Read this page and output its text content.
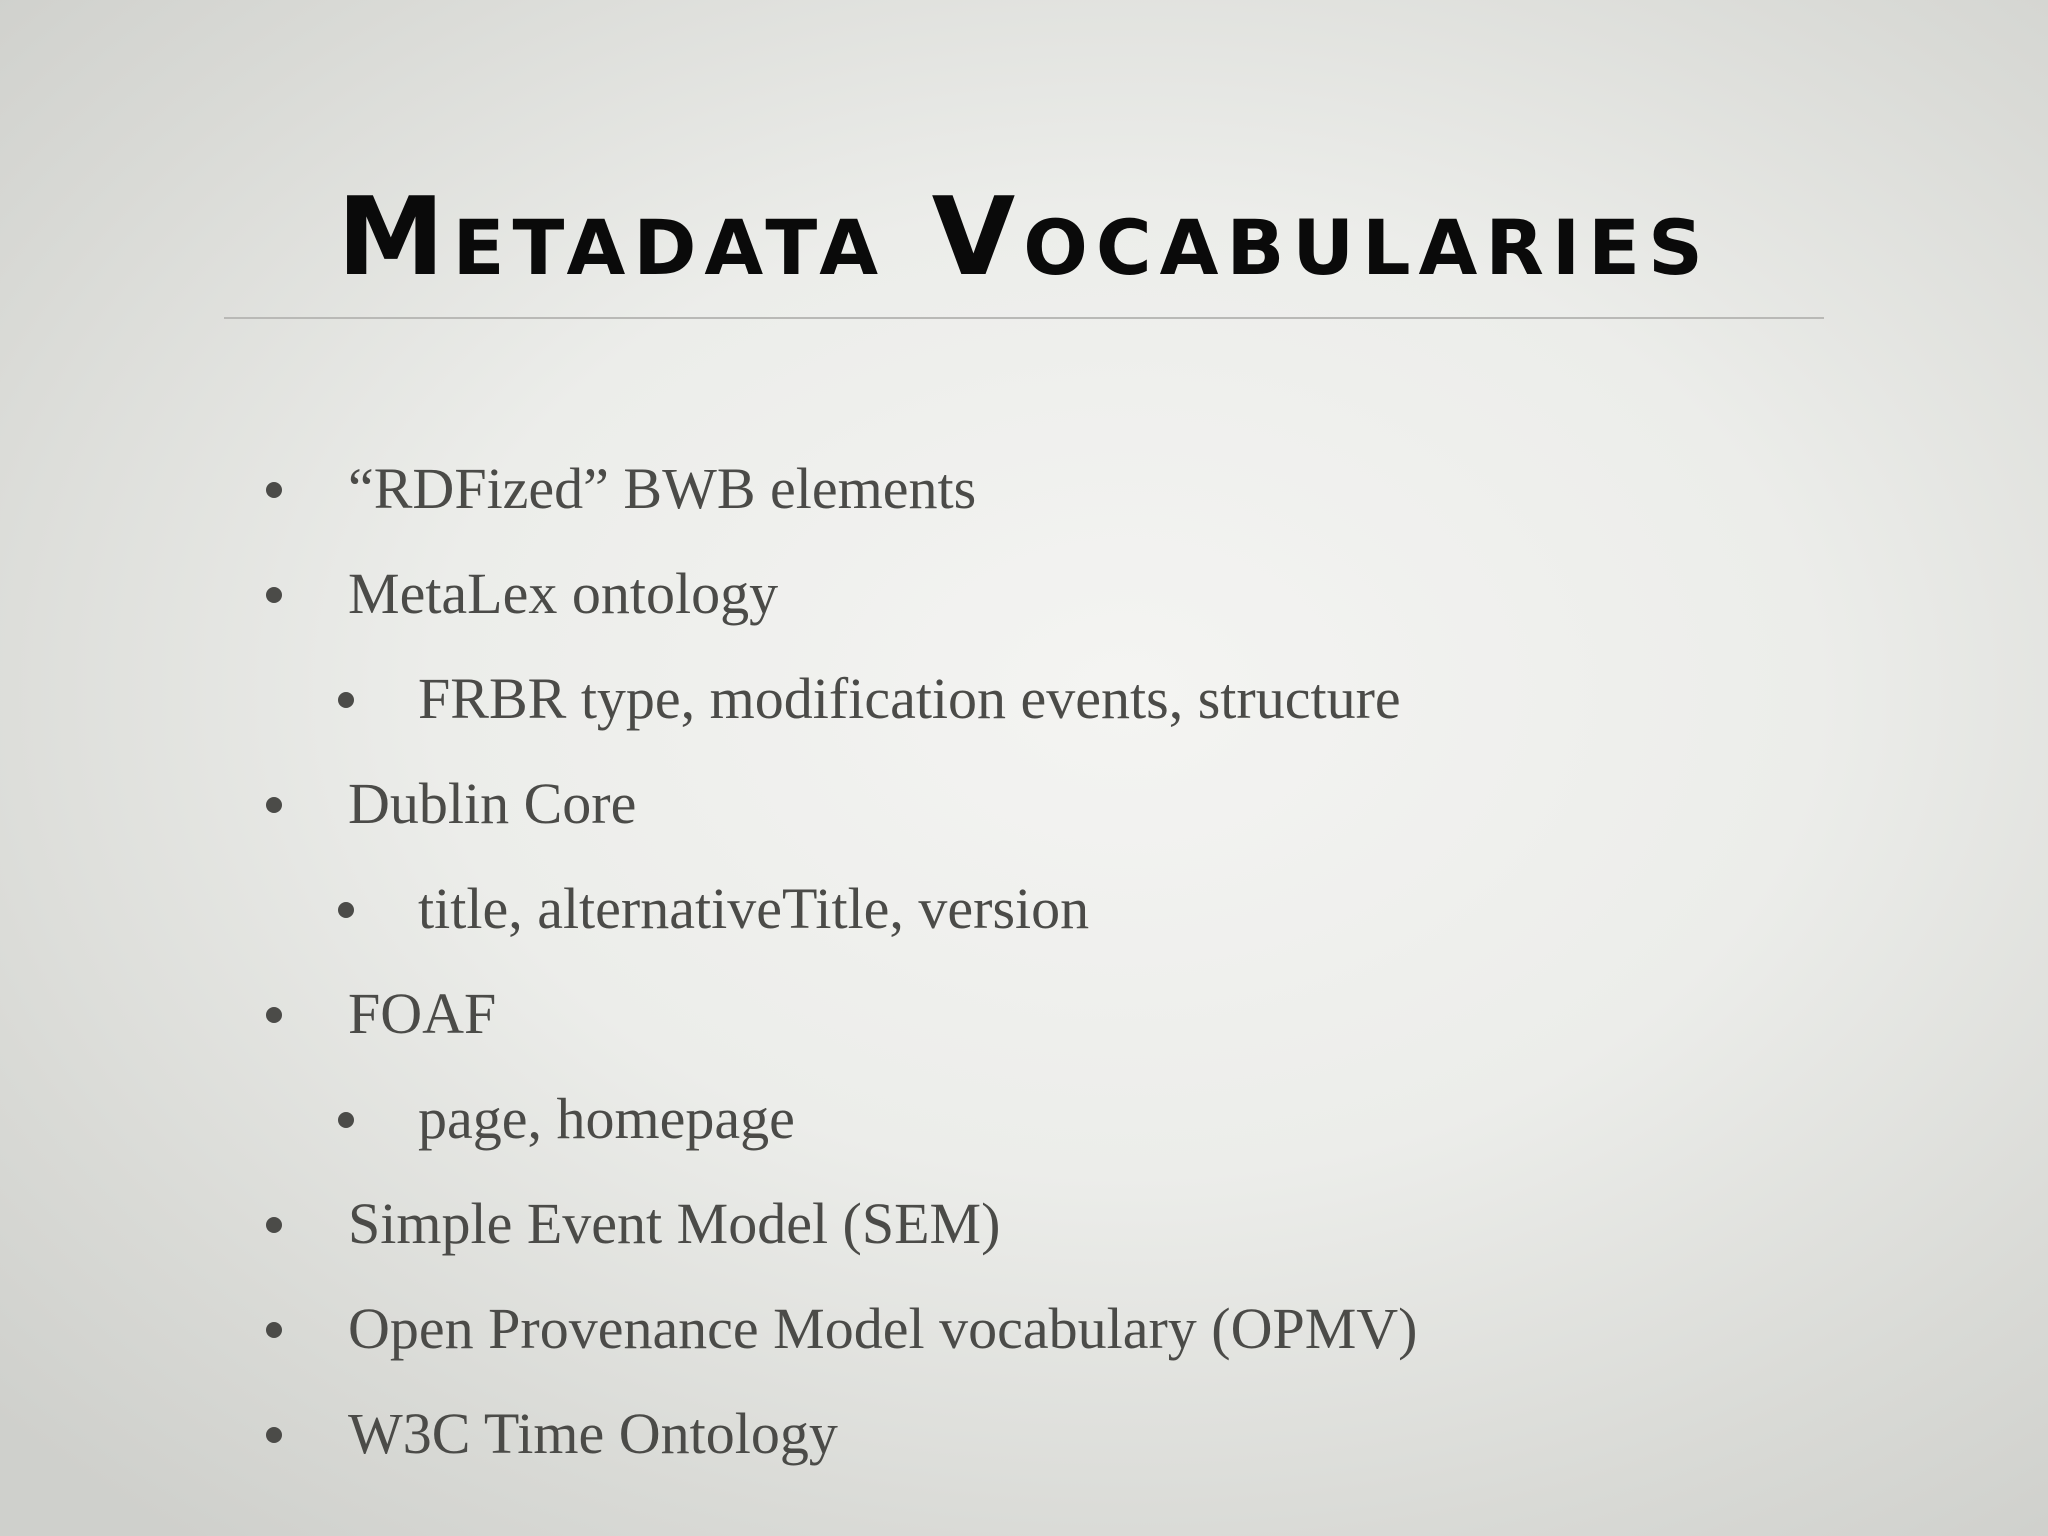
Metadata Vocabularies
“RDFized” BWB elements
MetaLex ontology
FRBR type, modification events, structure
Dublin Core
title, alternativeTitle, version
FOAF
page, homepage
Simple Event Model (SEM)
Open Provenance Model vocabulary (OPMV)
W3C Time Ontology
